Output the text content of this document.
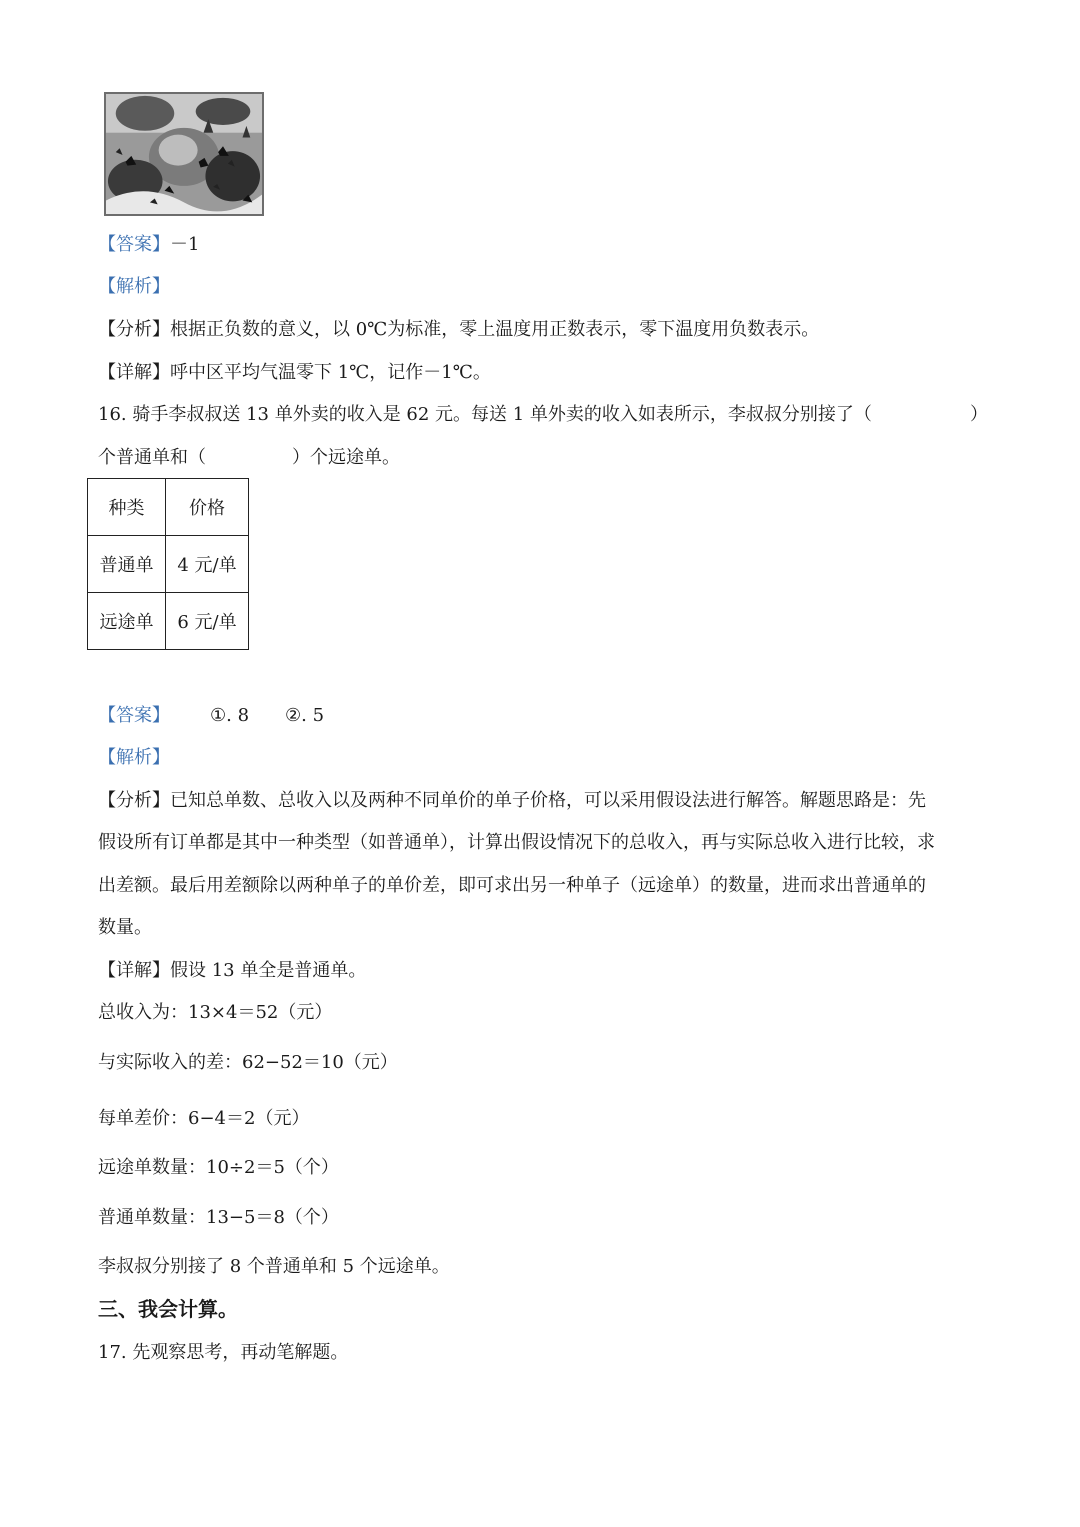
【答案】－1
【解析】
【分析】根据正负数的意义，以 0℃为标准，零上温度用正数表示，零下温度用负数表示。
【详解】呼中区平均气温零下 1℃，记作－1℃。
16. 骑手李叔叔送 13 单外卖的收入是 62 元。每送 1 单外卖的收入如表所示，李叔叔分别接了（	）
个普通单和（	）个远途单。
种类	价格
普通单	4 元/单
远途单	6 元/单
【答案】 ①. 8 ②. 5
【解析】
【分析】已知总单数、总收入以及两种不同单价的单子价格，可以采用假设法进行解答。解题思路是：先
假设所有订单都是其中一种类型（如普通单），计算出假设情况下的总收入，再与实际总收入进行比较，求
出差额。最后用差额除以两种单子的单价差，即可求出另一种单子（远途单）的数量，进而求出普通单的
数量。
【详解】假设 13 单全是普通单。
总收入为：13×4＝52（元）
与实际收入的差：62−52＝10（元）
每单差价：6−4＝2（元）
远途单数量：10÷2＝5（个）
普通单数量：13−5＝8（个）
李叔叔分别接了 8 个普通单和 5 个远途单。
三、我会计算。
17. 先观察思考，再动笔解题。
